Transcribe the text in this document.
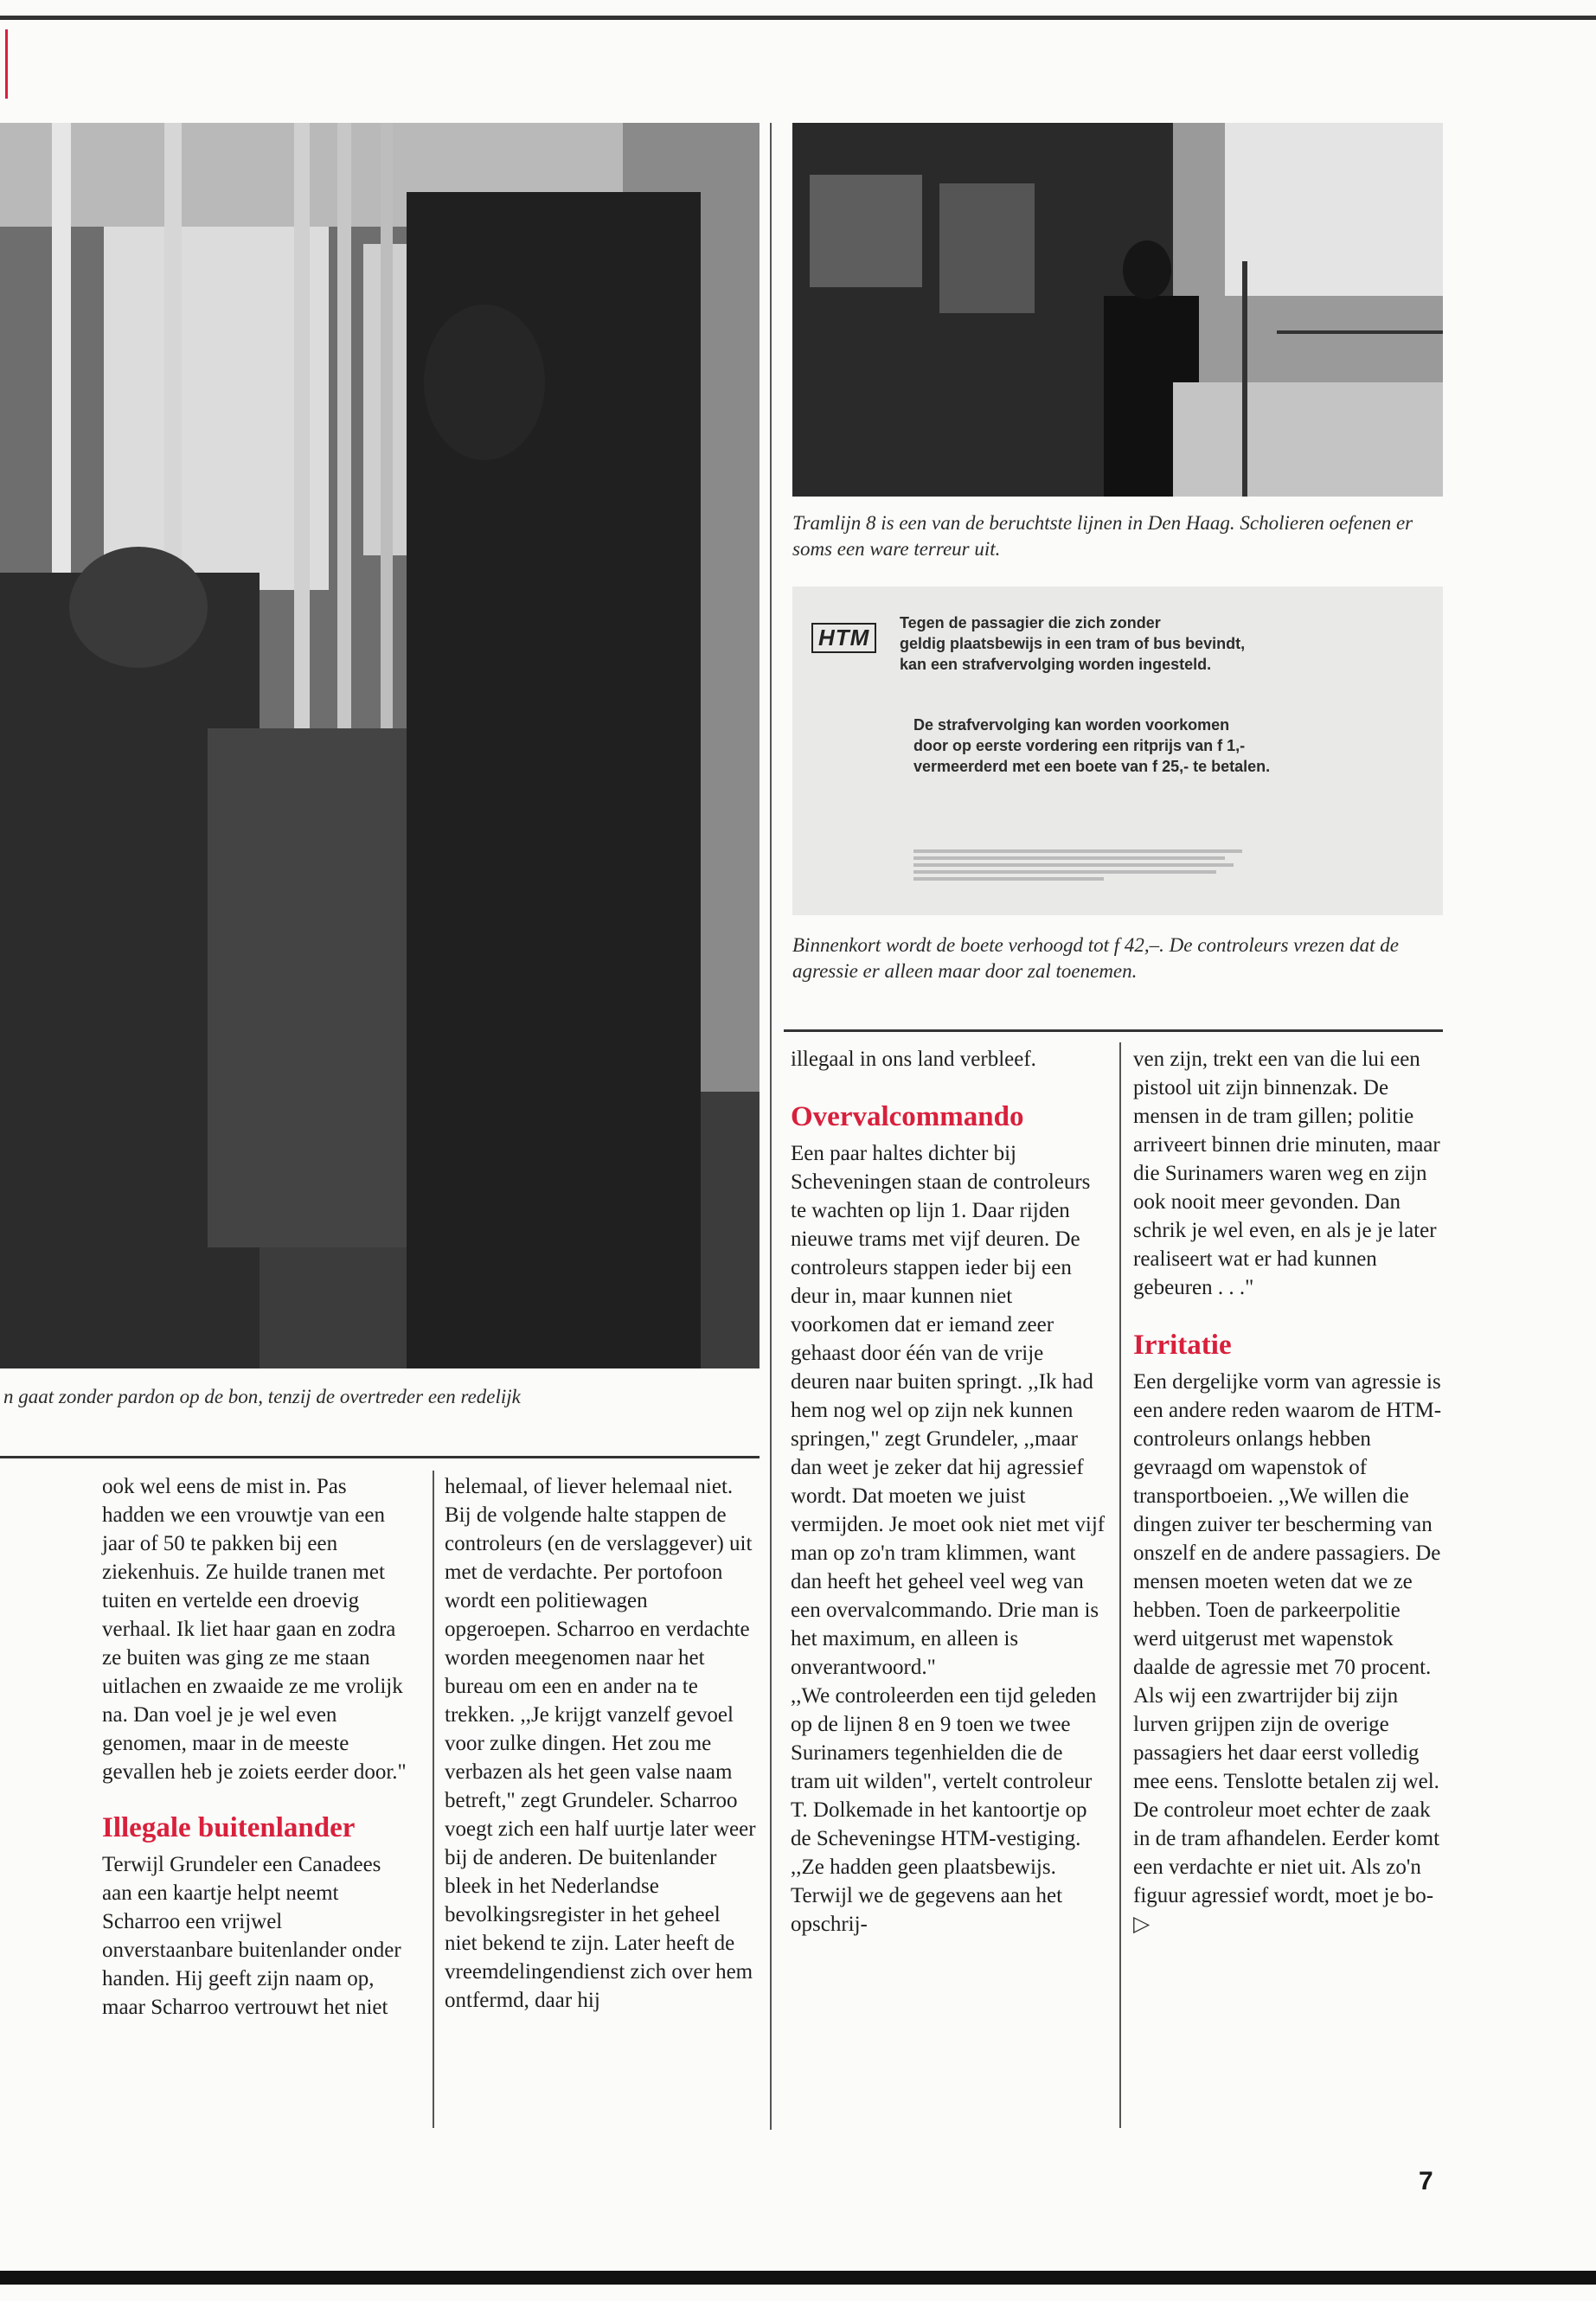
n gaat zonder pardon op de bon, tenzij de overtreder een redelijk
Tramlijn 8 is een van de beruchtste lijnen in Den Haag. Scholieren oefenen er soms een ware terreur uit.
HTM
Tegen de passagier die zich zonder
geldig plaatsbewijs in een tram of bus bevindt,
kan een strafvervolging worden ingesteld.
De strafvervolging kan worden voorkomen
door op eerste vordering een ritprijs van f 1,-
vermeerderd met een boete van f 25,- te betalen.
Binnenkort wordt de boete verhoogd tot f 42,–. De controleurs vrezen dat de agressie er alleen maar door zal toenemen.

ook wel eens de mist in. Pas hadden we een vrouwtje van een jaar of 50 te pakken bij een ziekenhuis. Ze huilde tranen met tuiten en vertelde een droevig verhaal. Ik liet haar gaan en zodra ze buiten was ging ze me staan uitlachen en zwaaide ze me vrolijk na. Dan voel je je wel even genomen, maar in de meeste gevallen heb je zoiets eerder door."

Illegale buitenlander

Terwijl Grundeler een Canadees aan een kaartje helpt neemt Scharroo een vrijwel onverstaanbare buitenlander onder handen. Hij geeft zijn naam op, maar Scharroo vertrouwt het niet

helemaal, of liever helemaal niet. Bij de volgende halte stappen de controleurs (en de verslaggever) uit met de verdachte. Per portofoon wordt een politiewagen opgeroepen. Scharroo en verdachte worden meegenomen naar het bureau om een en ander na te trekken. ,,Je krijgt vanzelf gevoel voor zulke dingen. Het zou me verbazen als het geen valse naam betreft," zegt Grundeler. Scharroo voegt zich een half uurtje later weer bij de anderen. De buitenlander bleek in het Nederlandse bevolkingsregister in het geheel niet bekend te zijn. Later heeft de vreemdelingendienst zich over hem ontfermd, daar hij

illegaal in ons land verbleef.

Overvalcommando

Een paar haltes dichter bij Scheveningen staan de controleurs te wachten op lijn 1. Daar rijden nieuwe trams met vijf deuren. De controleurs stappen ieder bij een deur in, maar kunnen niet voorkomen dat er iemand zeer gehaast door één van de vrije deuren naar buiten springt. ,,Ik had hem nog wel op zijn nek kunnen springen," zegt Grundeler, ,,maar dan weet je zeker dat hij agressief wordt. Dat moeten we juist vermijden. Je moet ook niet met vijf man op zo'n tram klimmen, want dan heeft het geheel veel weg van een overvalcommando. Drie man is het maximum, en alleen is onverantwoord."

,,We controleerden een tijd geleden op de lijnen 8 en 9 toen we twee Surinamers tegenhielden die de tram uit wilden", vertelt controleur T. Dolkemade in het kantoortje op de Scheveningse HTM-vestiging. ,,Ze hadden geen plaatsbewijs. Terwijl we de gegevens aan het opschrij-

ven zijn, trekt een van die lui een pistool uit zijn binnenzak. De mensen in de tram gillen; politie arriveert binnen drie minuten, maar die Surinamers waren weg en zijn ook nooit meer gevonden. Dan schrik je wel even, en als je je later realiseert wat er had kunnen gebeuren . . ."

Irritatie

Een dergelijke vorm van agressie is een andere reden waarom de HTM-controleurs onlangs hebben gevraagd om wapenstok of transportboeien. ,,We willen die dingen zuiver ter bescherming van onszelf en de andere passagiers. De mensen moeten weten dat we ze hebben. Toen de parkeerpolitie werd uitgerust met wapenstok daalde de agressie met 70 procent. Als wij een zwartrijder bij zijn lurven grijpen zijn de overige passagiers het daar eerst volledig mee eens. Tenslotte betalen zij wel. De controleur moet echter de zaak in de tram afhandelen. Eerder komt een verdachte er niet uit. Als zo'n figuur agressief wordt, moet je bo- ▷

7
